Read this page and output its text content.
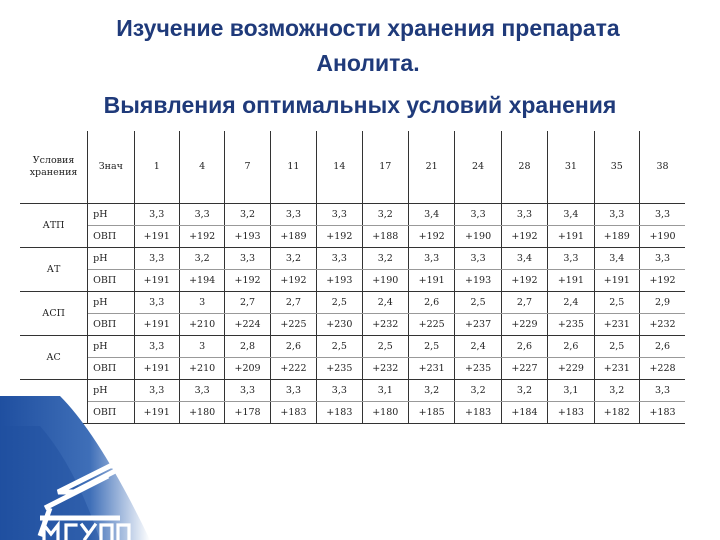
Изучение возможности хранения препарата
Анолита.
Выявления оптимальных условий хранения
Условия хранения	Знач	1	4	7	11	14	17	21	24	28	31	35	38
АТП	рН	3,3	3,3	3,2	3,3	3,3	3,2	3,4	3,3	3,3	3,4	3,3	3,3
	ОВП	+191	+192	+193	+189	+192	+188	+192	+190	+192	+191	+189	+190
АТ	рН	3,3	3,2	3,3	3,2	3,3	3,2	3,3	3,3	3,4	3,3	3,4	3,3
	ОВП	+191	+194	+192	+192	+193	+190	+191	+193	+192	+191	+191	+192
АСП	рН	3,3	3	2,7	2,7	2,5	2,4	2,6	2,5	2,7	2,4	2,5	2,9
	ОВП	+191	+210	+224	+225	+230	+232	+225	+237	+229	+235	+231	+232
АС	рН	3,3	3	2,8	2,6	2,5	2,5	2,5	2,4	2,6	2,6	2,5	2,6
	ОВП	+191	+210	+209	+222	+235	+232	+231	+235	+227	+229	+231	+228
	рН	3,3	3,3	3,3	3,3	3,3	3,1	3,2	3,2	3,2	3,1	3,2	3,3
	ОВП	+191	+180	+178	+183	+183	+180	+185	+183	+184	+183	+182	+183
